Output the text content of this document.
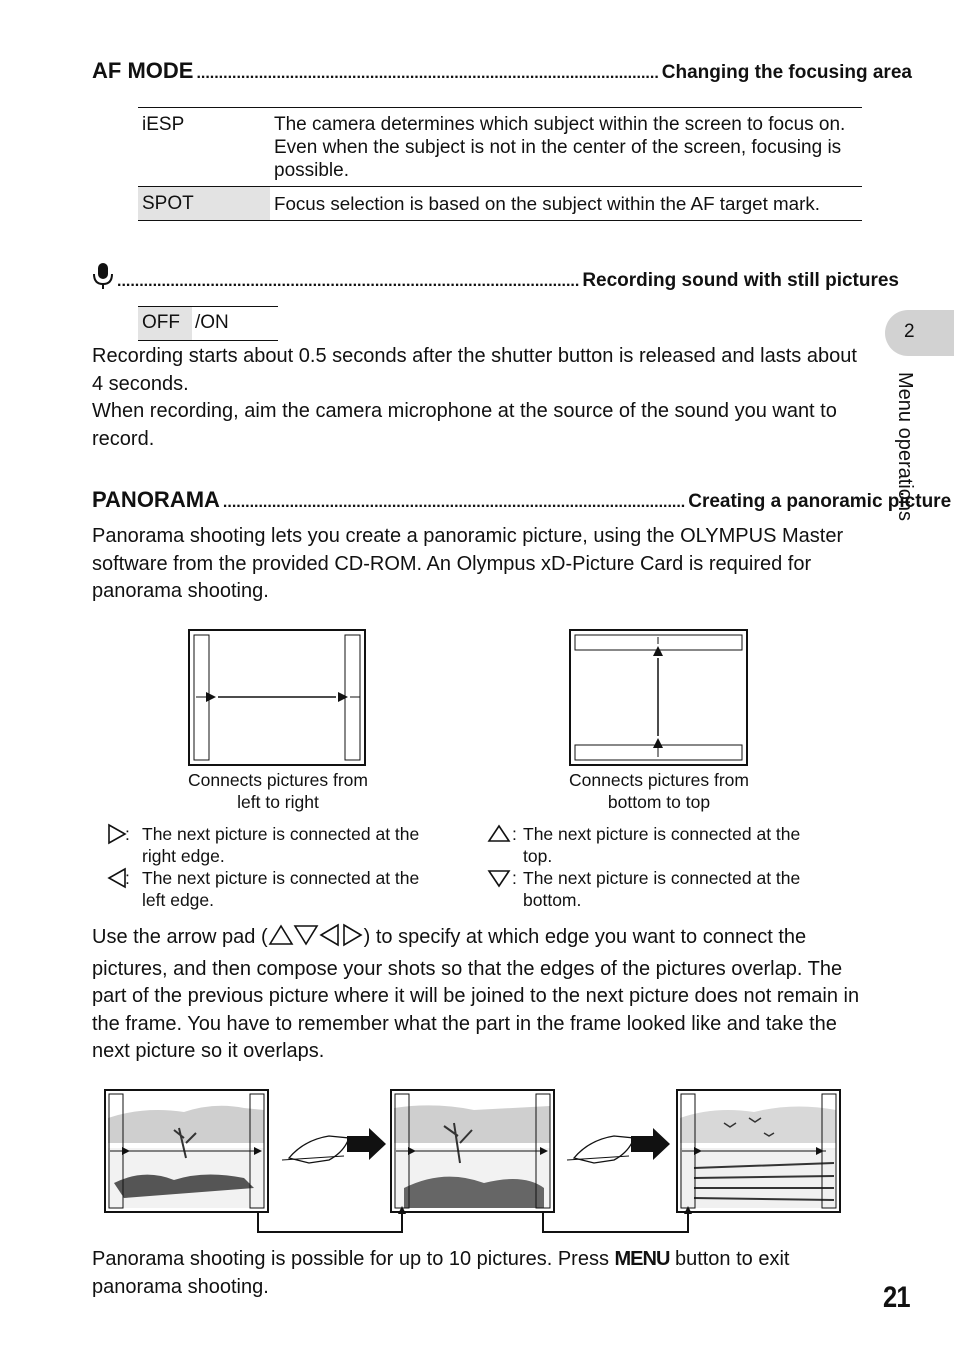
AF MODE ........................................................................................................ Changing the focusing area
iESP	The camera determines which subject within the screen to focus on. Even when the subject is not in the center of the screen, focusing is possible.
SPOT	Focus selection is based on the subject within the AF target mark.
........................................................................................................ Recording sound with still pictures
OFF /ON

Recording starts about 0.5 seconds after the shutter button is released and lasts about 4 seconds.

When recording, aim the camera microphone at the source of the sound you want to record.

PANORAMA ........................................................................................................ Creating a panoramic picture

Panorama shooting lets you create a panoramic picture, using the OLYMPUS Master software from the provided CD-ROM. An Olympus xD-Picture Card is required for panorama shooting.

Connects pictures from
left to right
Connects pictures from
bottom to top
: The next picture is connected at the
right edge.
: The next picture is connected at the
left edge.
: The next picture is connected at the
top.
: The next picture is connected at the
bottom.

Use the arrow pad (	) to specify at which edge you want to connect the pictures, and then compose your shots so that the edges of the pictures overlap. The part of the previous picture where it will be joined to the next picture does not remain in the frame. You have to remember what the part in the frame looked like and take the next picture so it overlaps.

Panorama shooting is possible for up to 10 pictures. Press MENU button to exit panorama shooting.

2
Menu operations
21
